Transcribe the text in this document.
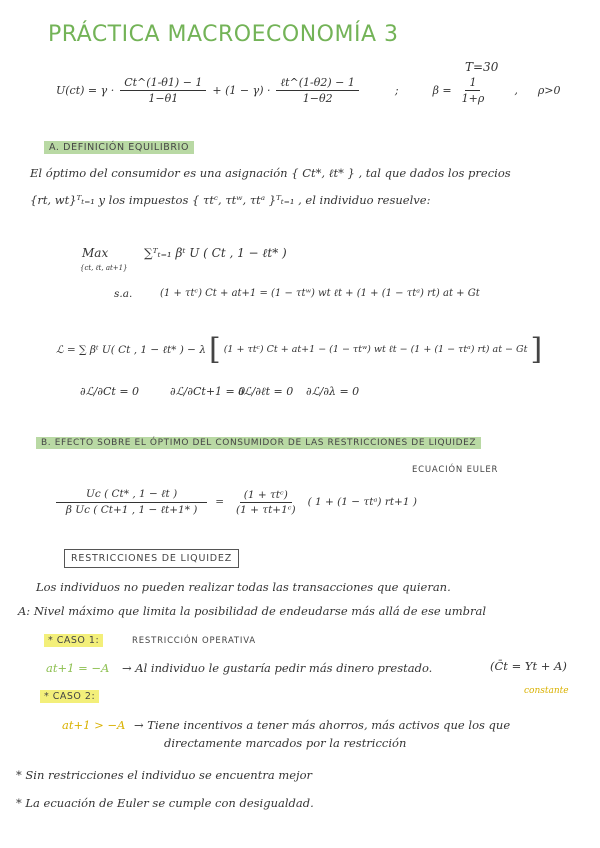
PRÁCTICA MACROECONOMÍA 3
T=30
$U(ct) = \gamma \cdot \frac{Ct\^{}(1-\theta 1) - 1}{1-\theta 1} + (1 - \gamma) \cdot \frac{\text{ℓt\textasciicircum{}(1-θ2) − 1}}{1-\theta 2}$	;	$\beta = \frac{1}{1+\rho}$ , ρ>0
A. DEFINICIÓN EQUILIBRIO
El óptimo del consumidor es una asignación { Ct*, ℓt* } , tal que dados los precios
{rt, wt}ᵀₜ₌₁ y los impuestos { τtᶜ, τtʷ, τtᵃ }ᵀₜ₌₁ , el individuo resuelve:
Max
{ct, ℓt, at+1}
∑ᵀₜ₌₁ βᵗ U ( Ct , 1 − ℓt* )
s.a.	(1 + τtᶜ) Ct + at+1 = (1 − τtʷ) wt ℓt + (1 + (1 − τtᵃ) rt) at + Gt
ℒ = ∑ βᵗ U( Ct , 1 − ℓt* ) − λ [ (1 + τtᶜ) Ct + at+1 − (1 − τtʷ) wt ℓt − (1 + (1 − τtᵃ) rt) at − Gt ]
∂ℒ/∂Ct = 0	∂ℒ/∂Ct+1 = 0
∂ℒ/∂ℓt = 0 ∂ℒ/∂λ = 0
B. EFECTO SOBRE EL ÓPTIMO DEL CONSUMIDOR DE LAS RESTRICCIONES DE LIQUIDEZ
ECUACIÓN EULER
$\frac{\text{Uc ( Ct* , 1 − ℓt )}}{\text{β Uc ( Ct+1 , 1 − ℓt+1* )}} = \frac{\text{(1 + τtᶜ)}}{\text{(1 + τt+1ᶜ)}}$ ( 1 + (1 − τtᵃ) rt+1 )
RESTRICCIONES DE LIQUIDEZ
Los individuos no pueden realizar todas las transacciones que quieran.
A: Nivel máximo que limita la posibilidad de endeudarse más allá de ese umbral
* CASO 1:	RESTRICCIÓN OPERATIVA
at+1 = −A → Al individuo le gustaría pedir más dinero prestado.	(C̄t = Yt + A)
constante
* CASO 2:
at+1 > −A → Tiene incentivos a tener más ahorros, más activos que los que
directamente marcados por la restricción
* Sin restricciones el individuo se encuentra mejor
* La ecuación de Euler se cumple con desigualdad.
